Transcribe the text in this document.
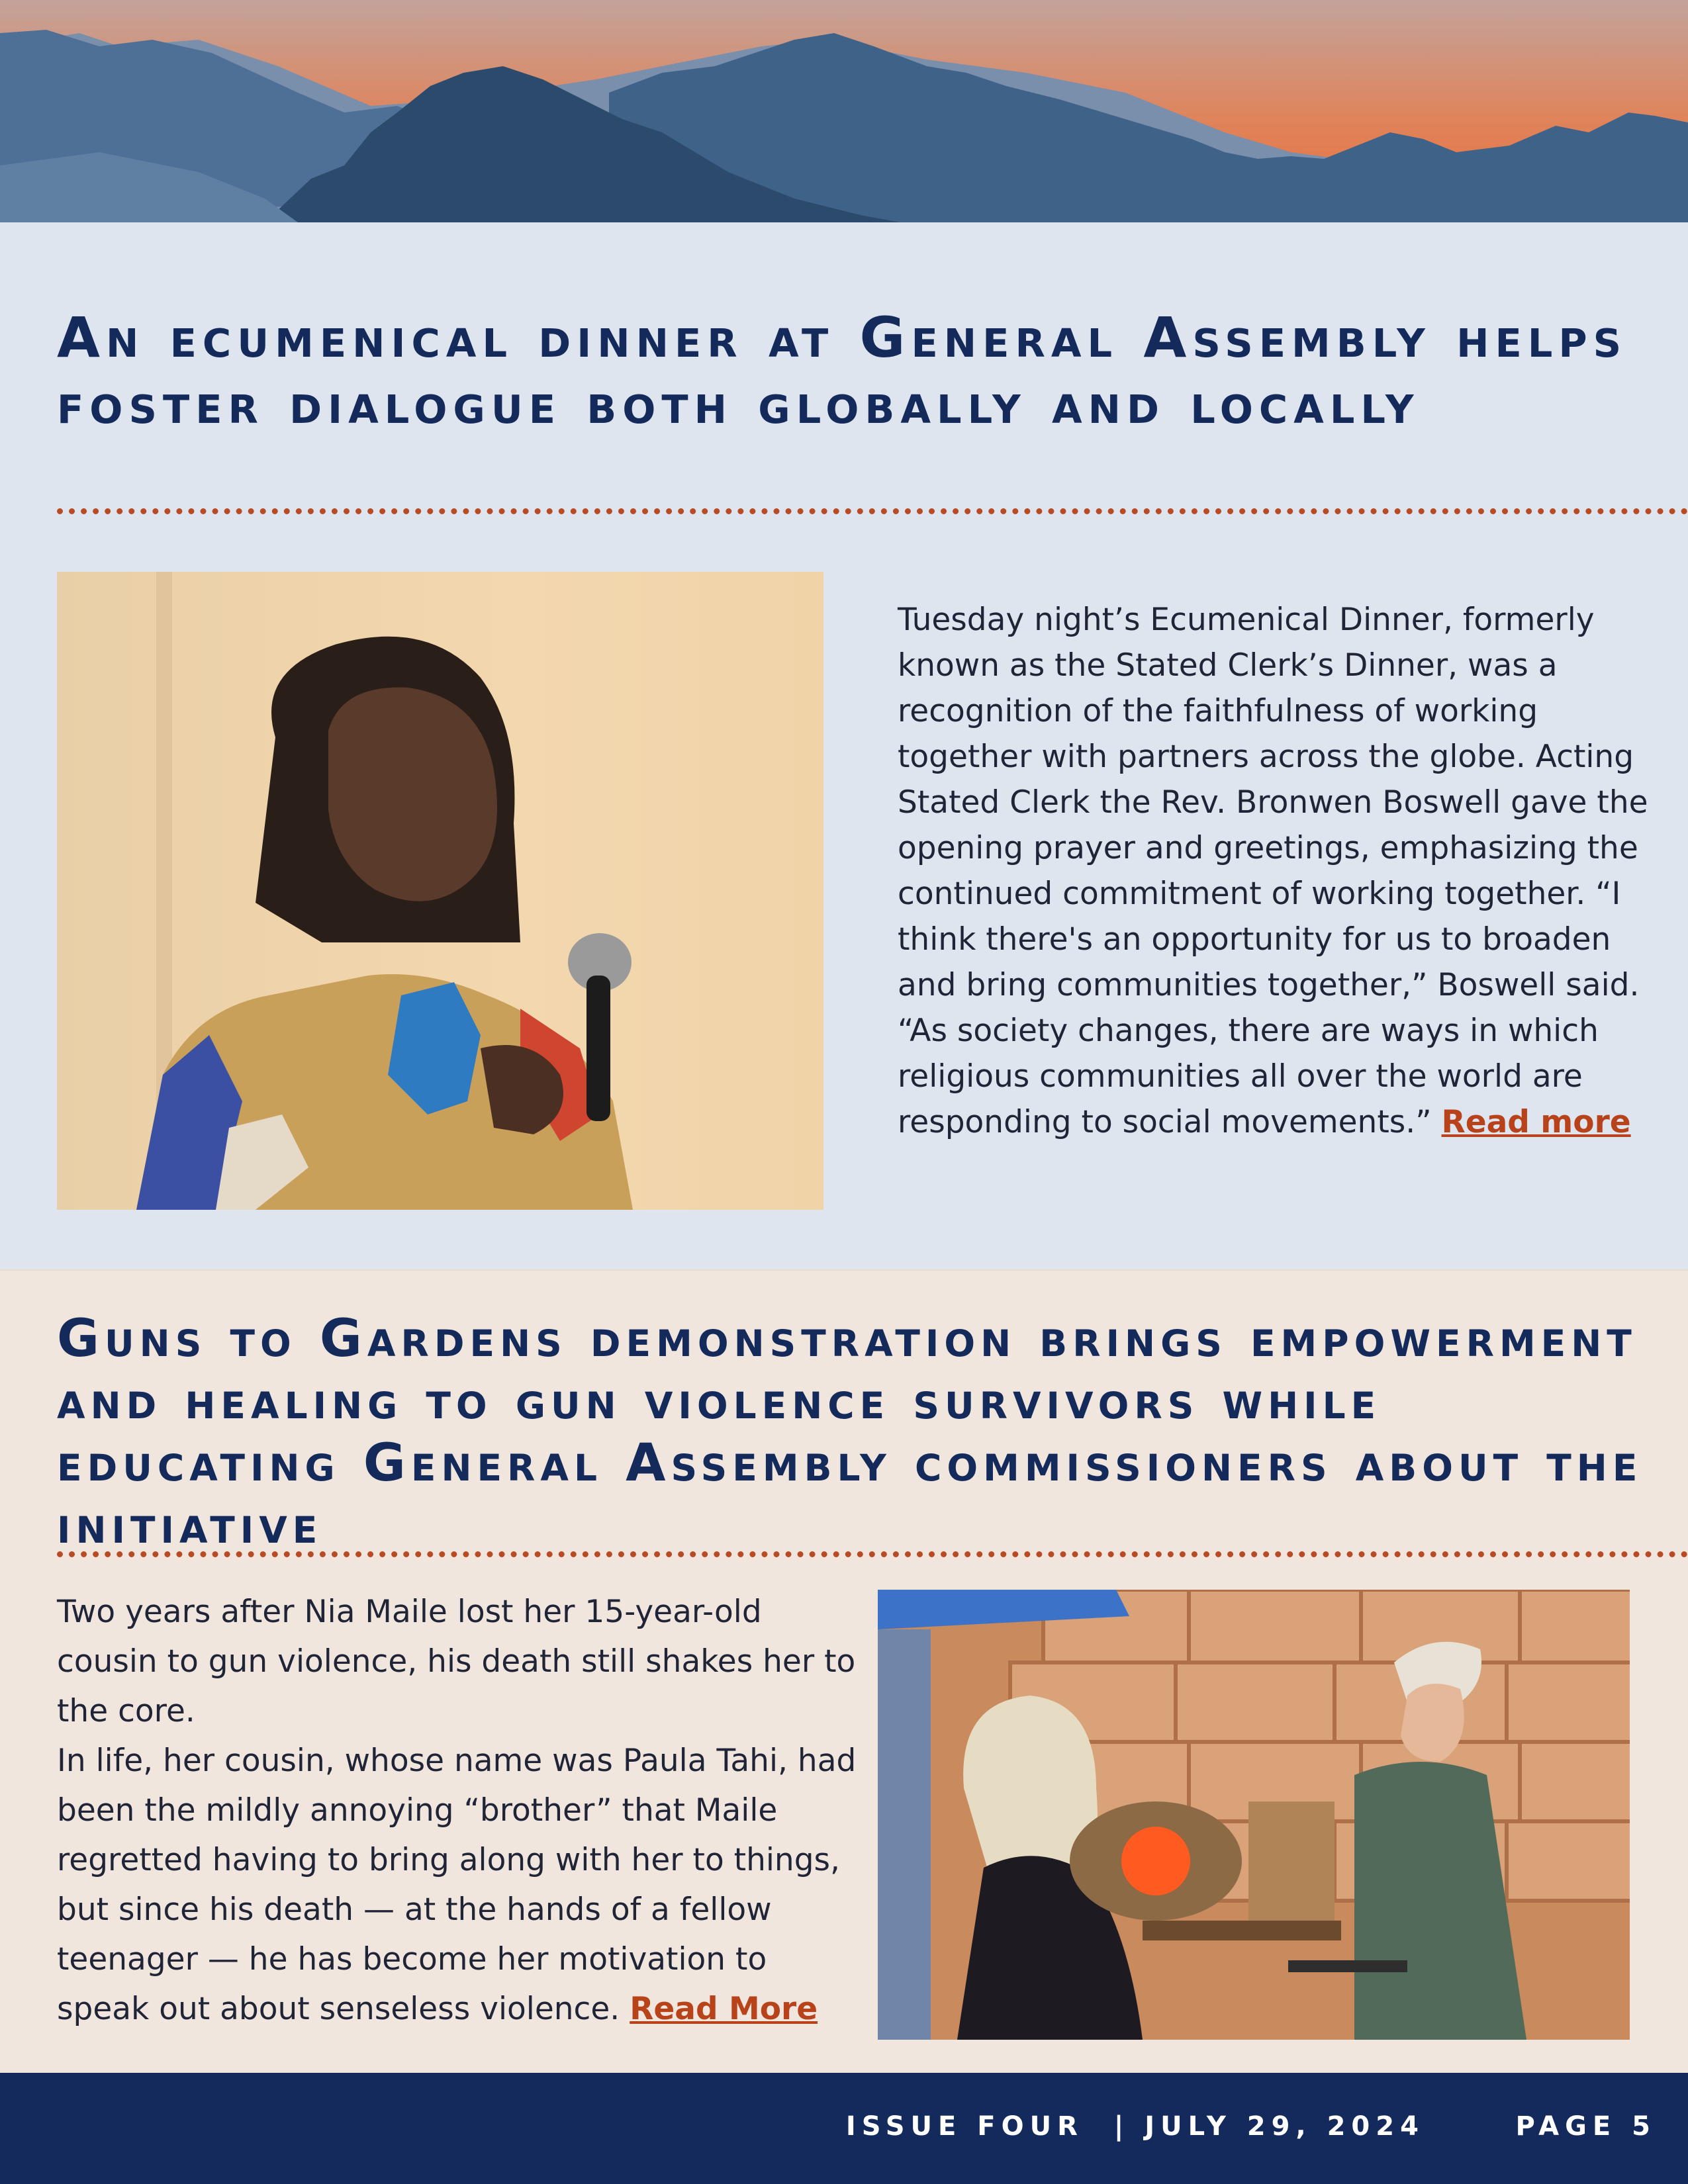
An ecumenical dinner at General Assembly helps foster dialogue both globally and locally

Tuesday night’s Ecumenical Dinner, formerly known as the Stated Clerk’s Dinner, was a recognition of the faithfulness of working together with partners across the globe. Acting Stated Clerk the Rev. Bronwen Boswell gave the opening prayer and greetings, emphasizing the continued commitment of working together. “I think there's an opportunity for us to broaden and bring communities together,” Boswell said. “As society changes, there are ways in which religious communities all over the world are responding to social movements.” Read more

Guns to Gardens demonstration brings empowerment and healing to gun violence survivors while educating General Assembly commissioners about the initiative

Two years after Nia Maile lost her 15-year-old cousin to gun violence, his death still shakes her to the core.

In life, her cousin, whose name was Paula Tahi, had been the mildly annoying “brother” that Maile regretted having to bring along with her to things, but since his death — at the hands of a fellow teenager — he has become her motivation to speak out about senseless violence. Read More

ISSUE FOUR | JULY 29, 2024	PAGE 5
